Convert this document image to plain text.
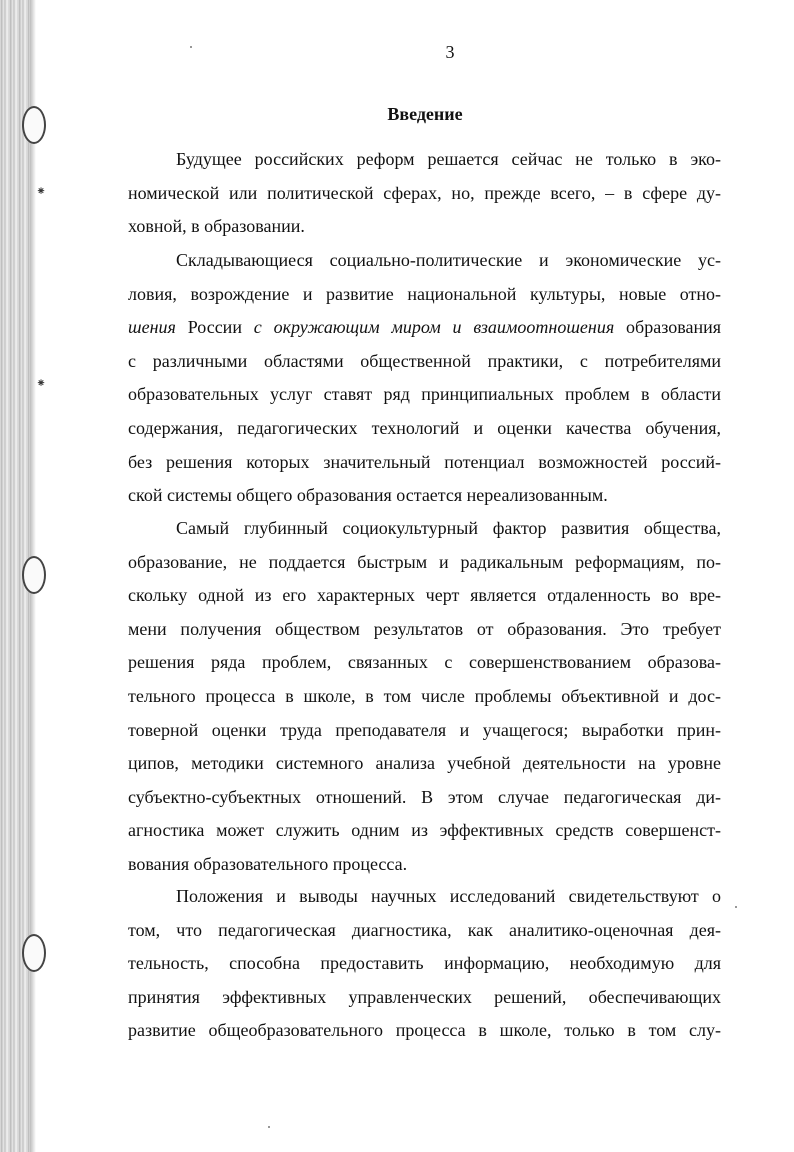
⁕
⁕
3
Введение

Будущее российских реформ решается сейчас не только в эко-

номической или политической сферах, но, прежде всего, – в сфере ду-

ховной, в образовании.

Складывающиеся социально-политические и экономические ус-

ловия, возрождение и развитие национальной культуры, новые отно-

шения России с окружающим миром и взаимоотношения образования

с различными областями общественной практики, с потребителями

образовательных услуг ставят ряд принципиальных проблем в области

содержания, педагогических технологий и оценки качества обучения,

без решения которых значительный потенциал возможностей россий-

ской системы общего образования остается нереализованным.

Самый глубинный социокультурный фактор развития общества,

образование, не поддается быстрым и радикальным реформациям, по-

скольку одной из его характерных черт является отдаленность во вре-

мени получения обществом результатов от образования. Это требует

решения ряда проблем, связанных с совершенствованием образова-

тельного процесса в школе, в том числе проблемы объективной и дос-

товерной оценки труда преподавателя и учащегося; выработки прин-

ципов, методики системного анализа учебной деятельности на уровне

субъектно-субъектных отношений. В этом случае педагогическая ди-

агностика может служить одним из эффективных средств совершенст-

вования образовательного процесса.

Положения и выводы научных исследований свидетельствуют о

том, что педагогическая диагностика, как аналитико-оценочная дея-

тельность, способна предоставить информацию, необходимую для

принятия эффективных управленческих решений, обеспечивающих

развитие общеобразовательного процесса в школе, только в том слу-
